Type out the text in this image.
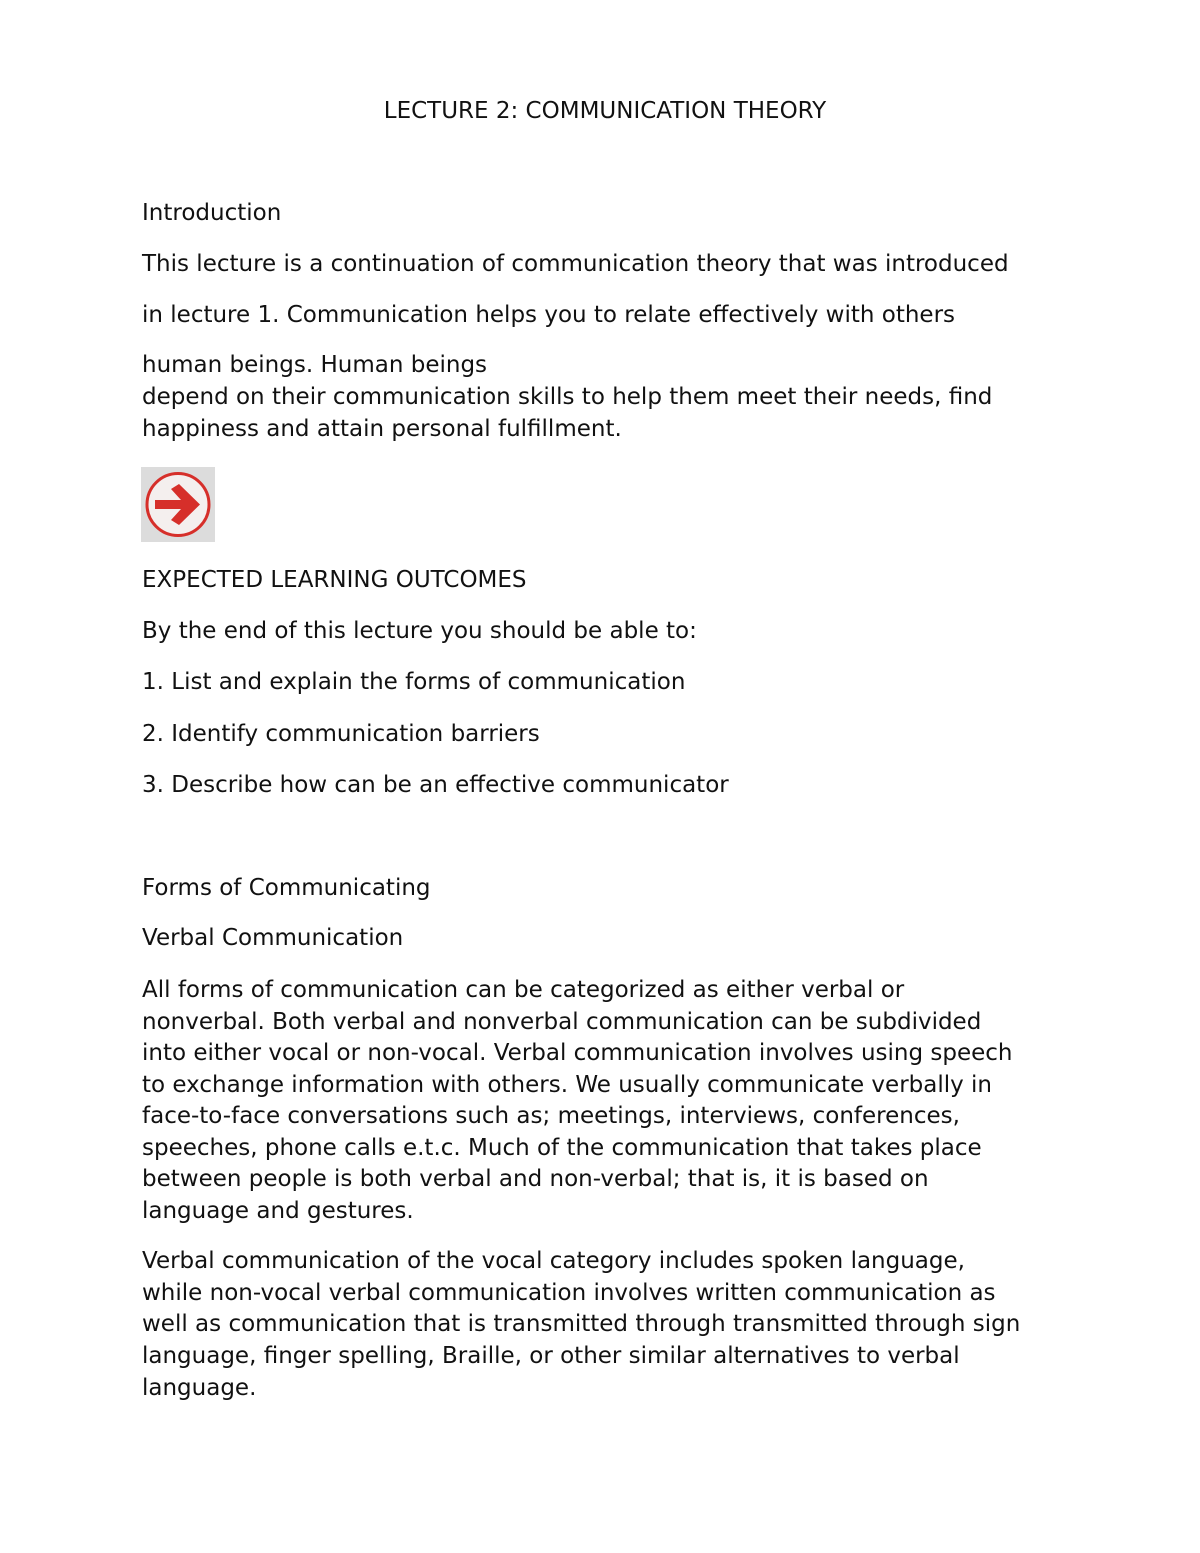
LECTURE 2: COMMUNICATION THEORY

Introduction

This lecture is a continuation of communication theory that was introduced

in lecture 1. Communication helps you to relate effectively with others

human beings. Human beings

depend on their communication skills to help them meet their needs, find

happiness and attain personal fulfillment.

EXPECTED LEARNING OUTCOMES

By the end of this lecture you should be able to:

1. List and explain the forms of communication

2. Identify communication barriers

3. Describe how can be an effective communicator

Forms of Communicating

Verbal Communication

All forms of communication can be categorized as either verbal or

nonverbal. Both verbal and nonverbal communication can be subdivided

into either vocal or non-vocal. Verbal communication involves using speech

to exchange information with others. We usually communicate verbally in

face-to-face conversations such as; meetings, interviews, conferences,

speeches, phone calls e.t.c. Much of the communication that takes place

between people is both verbal and non-verbal; that is, it is based on

language and gestures.

Verbal communication of the vocal category includes spoken language,

while non-vocal verbal communication involves written communication as

well as communication that is transmitted through transmitted through sign

language, finger spelling, Braille, or other similar alternatives to verbal

language.
